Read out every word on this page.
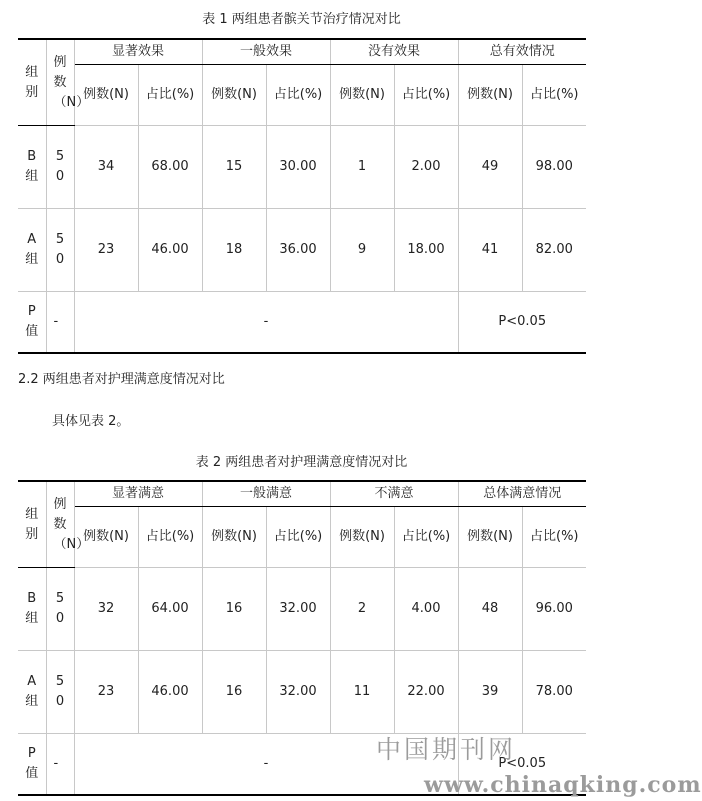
表 1 两组患者髌关节治疗情况对比
组别	例数（N）	显著效果		一般效果		没有效果		总有效情况	
		例数(N)	占比(%)	例数(N)	占比(%)	例数(N)	占比(%)	例数(N)	占比(%)
B组	50	34	68.00	15	30.00	1	2.00	49	98.00
A组	50	23	46.00	18	36.00	9	18.00	41	82.00
P值	-	-						P<0.05	
2.2 两组患者对护理满意度情况对比
具体见表 2。
表 2 两组患者对护理满意度情况对比
组别	例数（N）	显著满意		一般满意		不满意		总体满意情况	
		例数(N)	占比(%)	例数(N)	占比(%)	例数(N)	占比(%)	例数(N)	占比(%)
B组	50	32	64.00	16	32.00	2	4.00	48	96.00
A组	50	23	46.00	16	32.00	11	22.00	39	78.00
P值	-	-						P<0.05	
中国期刊网
www.chinaqking.com
